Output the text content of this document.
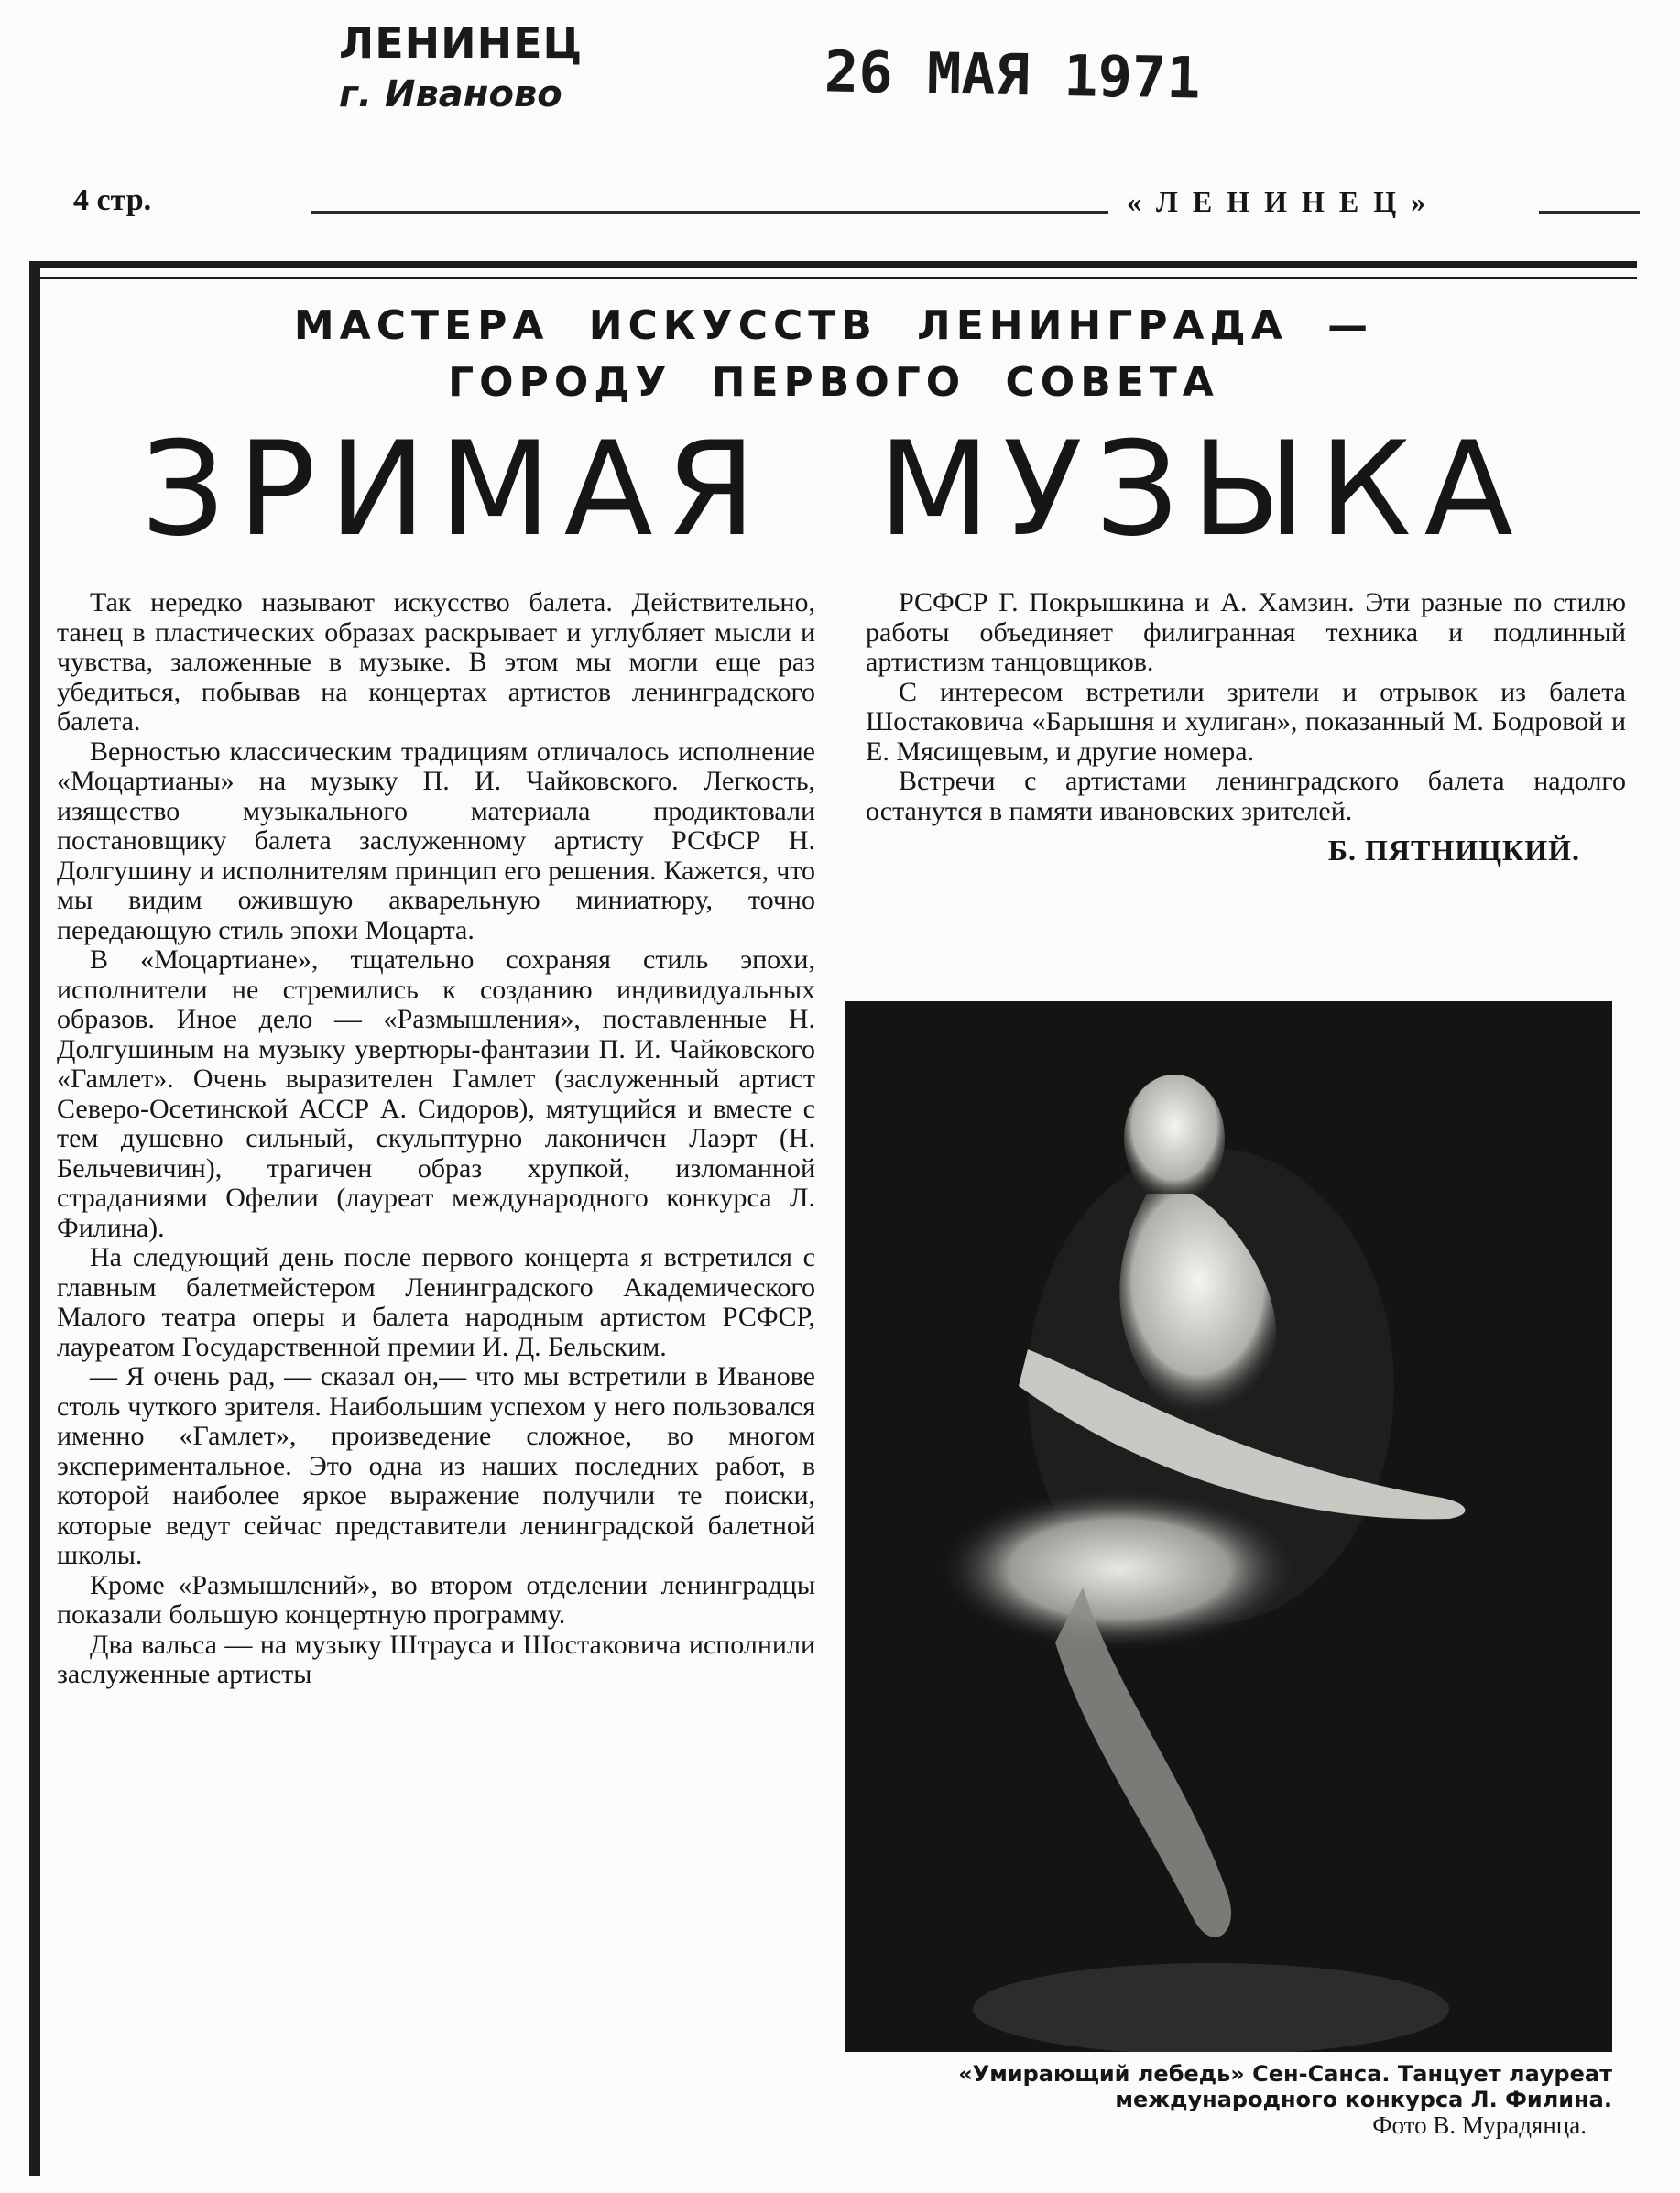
ЛЕНИНЕЦ
г. Иваново	26 МАЯ 1971
4 стр.	«ЛЕНИНЕЦ»
МАСТЕРА ИСКУССТВ ЛЕНИНГРАДА —
ГОРОДУ ПЕРВОГО СОВЕТА
ЗРИМАЯ МУЗЫКА

Так нередко называют искусство балета. Действительно, танец в пластических образах раскрывает и углубляет мысли и чувства, заложенные в музыке. В этом мы могли еще раз убедиться, побывав на концертах артистов ленинградского балета.

Верностью классическим традициям отличалось исполнение «Моцартианы» на музыку П. И. Чайковского. Легкость, изящество музыкального материала продиктовали постановщику балета заслуженному артисту РСФСР Н. Долгушину и исполнителям принцип его решения. Кажется, что мы видим ожившую акварельную миниатюру, точно передающую стиль эпохи Моцарта.

В «Моцартиане», тщательно сохраняя стиль эпохи, исполнители не стремились к созданию индивидуальных образов. Иное дело — «Размышления», поставленные Н. Долгушиным на музыку увертюры-фантазии П. И. Чайковского «Гамлет». Очень выразителен Гамлет (заслуженный артист Северо-Осетинской АССР А. Сидоров), мятущийся и вместе с тем душевно сильный, скульптурно лаконичен Лаэрт (Н. Бельчевичин), трагичен образ хрупкой, изломанной страданиями Офелии (лауреат международного конкурса Л. Филина).

На следующий день после первого концерта я встретился с главным балетмейстером Ленинградского Академического Малого театра оперы и балета народным артистом РСФСР, лауреатом Государственной премии И. Д. Бельским.

— Я очень рад, — сказал он,— что мы встретили в Иванове столь чуткого зрителя. Наибольшим успехом у него пользовался именно «Гамлет», произведение сложное, во многом экспериментальное. Это одна из наших последних работ, в которой наиболее яркое выражение получили те поиски, которые ведут сейчас представители ленинградской балетной школы.

Кроме «Размышлений», во втором отделении ленинградцы показали большую концертную программу.

Два вальса — на музыку Штрауса и Шостаковича исполнили заслуженные артисты

РСФСР Г. Покрышкина и А. Хамзин. Эти разные по стилю работы объединяет филигранная техника и подлинный артистизм танцовщиков.

С интересом встретили зрители и отрывок из балета Шостаковича «Барышня и хулиган», показанный М. Бодровой и Е. Мясищевым, и другие номера.

Встречи с артистами ленинградского балета надолго останутся в памяти ивановских зрителей.

Б. ПЯТНИЦКИЙ.
«Умирающий лебедь» Сен-Санса. Танцует лауреат международного конкурса Л. Филина.
Фото В. Мурадянца.
